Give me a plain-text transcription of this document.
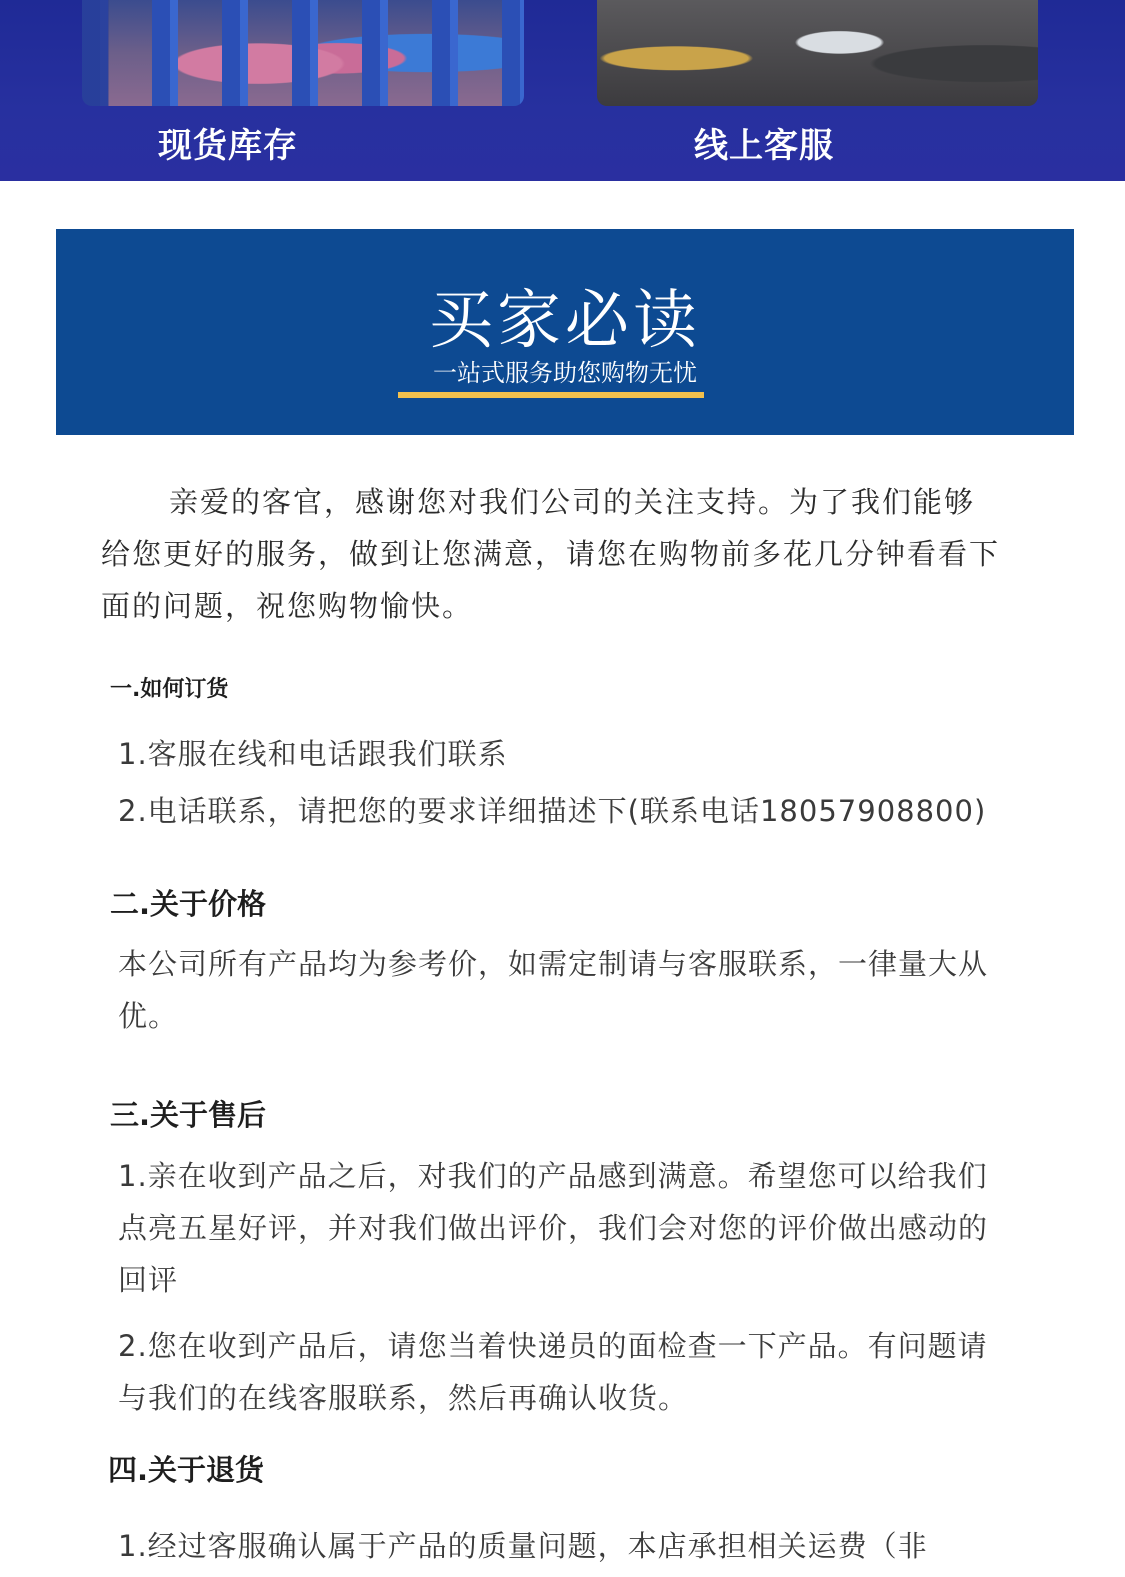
现货库存	线上客服
买家必读
一站式服务助您购物无忧

亲爱的客官，感谢您对我们公司的关注支持。为了我们能够给您更好的服务，做到让您满意，请您在购物前多花几分钟看看下面的问题，祝您购物愉快。

一.如何订货

1.客服在线和电话跟我们联系

2.电话联系，请把您的要求详细描述下(联系电话18057908800)

二.关于价格

本公司所有产品均为参考价，如需定制请与客服联系，一律量大从优。

三.关于售后

1.亲在收到产品之后，对我们的产品感到满意。希望您可以给我们点亮五星好评，并对我们做出评价，我们会对您的评价做出感动的回评

2.您在收到产品后，请您当着快递员的面检查一下产品。有问题请与我们的在线客服联系，然后再确认收货。

四.关于退货

1.经过客服确认属于产品的质量问题，本店承担相关运费（非
